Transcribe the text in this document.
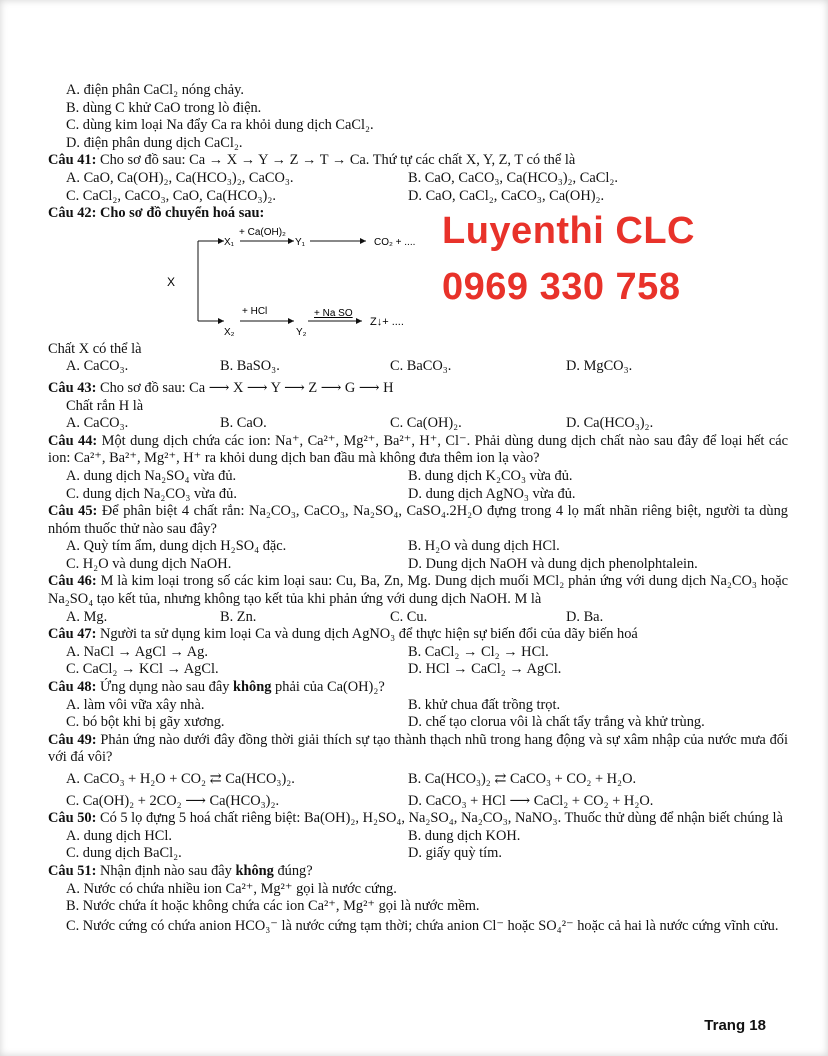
A. điện phân CaCl₂ nóng chảy.
B. dùng C khử CaO trong lò điện.
C. dùng kim loại Na đẩy Ca ra khỏi dung dịch CaCl₂.
D. điện phân dung dịch CaCl₂.
Câu 41: Cho sơ đồ sau: Ca → X → Y → Z → T → Ca. Thứ tự các chất X, Y, Z, T có thể là
A. CaO, Ca(OH)₂, Ca(HCO₃)₂, CaCO₃.	B. CaO, CaCO₃, Ca(HCO₃)₂, CaCl₂.
C. CaCl₂, CaCO₃, CaO, Ca(HCO₃)₂.	D. CaO, CaCl₂, CaCO₃, Ca(OH)₂.
Câu 42: Cho sơ đồ chuyển hoá sau:
X
X₁
+ Ca(OH)₂
Y₁	CO₂ + ....
X₂
+ HCl
Y₂
+ Na SO
Z↓+ ....
Luyenthi CLC
0969 330 758
Chất X có thể là
A. CaCO₃.	B. BaSO₃.	C. BaCO₃.	D. MgCO₃.
Câu 43: Cho sơ đồ sau: Ca ⟶ X ⟶ Y ⟶ Z ⟶ G ⟶ H
Chất rắn H là
A. CaCO₃.	B. CaO.	C. Ca(OH)₂.	D. Ca(HCO₃)₂.
Câu 44: Một dung dịch chứa các ion: Na⁺, Ca²⁺, Mg²⁺, Ba²⁺, H⁺, Cl⁻. Phải dùng dung dịch chất nào sau đây để loại hết các ion: Ca²⁺, Ba²⁺, Mg²⁺, H⁺ ra khỏi dung dịch ban đầu mà không đưa thêm ion lạ vào?
A. dung dịch Na₂SO₄ vừa đủ.	B. dung dịch K₂CO₃ vừa đủ.
C. dung dịch Na₂CO₃ vừa đủ.	D. dung dịch AgNO₃ vừa đủ.
Câu 45: Để phân biệt 4 chất rắn: Na₂CO₃, CaCO₃, Na₂SO₄, CaSO₄.2H₂O đựng trong 4 lọ mất nhãn riêng biệt, người ta dùng nhóm thuốc thử nào sau đây?
A. Quỳ tím ẩm, dung dịch H₂SO₄ đặc.	B. H₂O và dung dịch HCl.
C. H₂O và dung dịch NaOH.	D. Dung dịch NaOH và dung dịch phenolphtalein.
Câu 46: M là kim loại trong số các kim loại sau: Cu, Ba, Zn, Mg. Dung dịch muối MCl₂ phản ứng với dung dịch Na₂CO₃ hoặc Na₂SO₄ tạo kết tủa, nhưng không tạo kết tủa khi phản ứng với dung dịch NaOH. M là
A. Mg.	B. Zn.	C. Cu.	D. Ba.
Câu 47: Người ta sử dụng kim loại Ca và dung dịch AgNO₃ để thực hiện sự biến đổi của dãy biến hoá
A. NaCl → AgCl → Ag.	B. CaCl₂ → Cl₂ → HCl.
C. CaCl₂ → KCl → AgCl.	D. HCl → CaCl₂ → AgCl.
Câu 48: Ứng dụng nào sau đây không phải của Ca(OH)₂?
A. làm vôi vữa xây nhà.	B. khử chua đất trồng trọt.
C. bó bột khi bị gãy xương.	D. chế tạo clorua vôi là chất tẩy trắng và khử trùng.
Câu 49: Phản ứng nào dưới đây đồng thời giải thích sự tạo thành thạch nhũ trong hang động và sự xâm nhập của nước mưa đối với đá vôi?
A. CaCO₃ + H₂O + CO₂ ⇄ Ca(HCO₃)₂.	B. Ca(HCO₃)₂ ⇄ CaCO₃ + CO₂ + H₂O.
C. Ca(OH)₂ + 2CO₂ ⟶ Ca(HCO₃)₂.	D. CaCO₃ + HCl ⟶ CaCl₂ + CO₂ + H₂O.
Câu 50: Có 5 lọ đựng 5 hoá chất riêng biệt: Ba(OH)₂, H₂SO₄, Na₂SO₄, Na₂CO₃, NaNO₃. Thuốc thử dùng để nhận biết chúng là
A. dung dịch HCl.	B. dung dịch KOH.
C. dung dịch BaCl₂.	D. giấy quỳ tím.
Câu 51: Nhận định nào sau đây không đúng?
A. Nước có chứa nhiều ion Ca²⁺, Mg²⁺ gọi là nước cứng.
B. Nước chứa ít hoặc không chứa các ion Ca²⁺, Mg²⁺ gọi là nước mềm.
C. Nước cứng có chứa anion HCO₃⁻ là nước cứng tạm thời; chứa anion Cl⁻ hoặc SO₄²⁻ hoặc cả hai là nước cứng vĩnh cửu.
Trang 18
